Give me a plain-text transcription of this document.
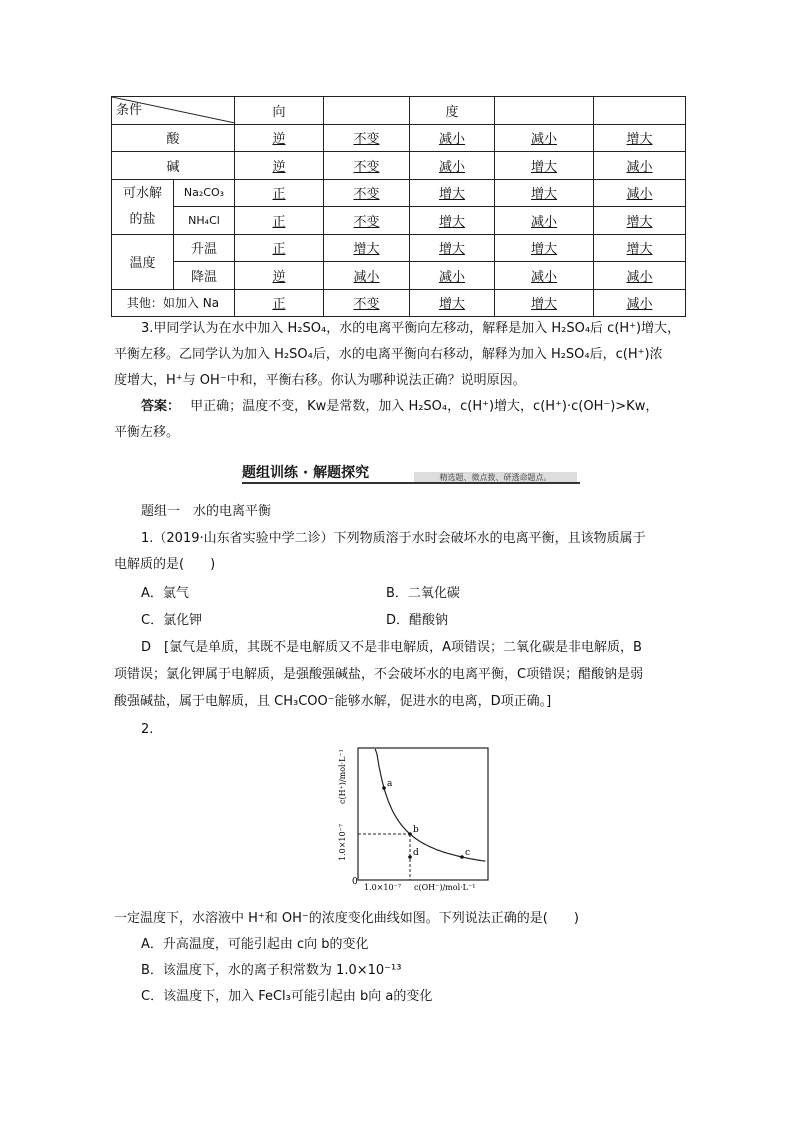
条件		向		度		
酸		逆	不变	减小	减小	增大
碱		逆	不变	减小	增大	减小

可水解
的盐	Na₂CO₃	正	不变	增大	增大	减小
	NH₄Cl	正	不变	增大	减小	增大
温度	升温	正	增大	增大	增大	增大
	降温	逆	减小	减小	减小	减小
其他：如加入 Na		正	不变	增大	增大	减小
3.甲同学认为在水中加入 H₂SO₄，水的电离平衡向左移动，解释是加入 H₂SO₄后 c(H⁺)增大，
平衡左移。乙同学认为加入 H₂SO₄后，水的电离平衡向右移动，解释为加入 H₂SO₄后，c(H⁺)浓
度增大，H⁺与 OH⁻中和，平衡右移。你认为哪种说法正确？说明原因。
答案： 甲正确；温度不变，Kw是常数，加入 H₂SO₄，c(H⁺)增大，c(H⁺)·c(OH⁻)>Kw，
平衡左移。
题组训练 · 解题探究	精选题、微点拨、研透命题点。
题组一　水的电离平衡
1.（2019·山东省实验中学二诊）下列物质溶于水时会破坏水的电离平衡，且该物质属于
电解质的是(　　)
A．氯气	B．二氧化碳
C．氯化钾	D．醋酸钠
D　[氯气是单质，其既不是电解质又不是非电解质，A项错误；二氧化碳是非电解质，B
项错误；氯化钾属于电解质，是强酸强碱盐，不会破坏水的电离平衡，C项错误；醋酸钠是弱
酸强碱盐，属于电解质，且 CH₃COO⁻能够水解，促进水的电离，D项正确。]
2.
a
b
c
d
0
1.0×10⁻⁷ c(OH⁻)/mol·L⁻¹
1.0×10⁻⁷
c(H⁺)/mol·L⁻¹
一定温度下，水溶液中 H⁺和 OH⁻的浓度变化曲线如图。下列说法正确的是(　　)
A．升高温度，可能引起由 c向 b的变化
B．该温度下，水的离子积常数为 1.0×10⁻¹³
C．该温度下，加入 FeCl₃可能引起由 b向 a的变化
